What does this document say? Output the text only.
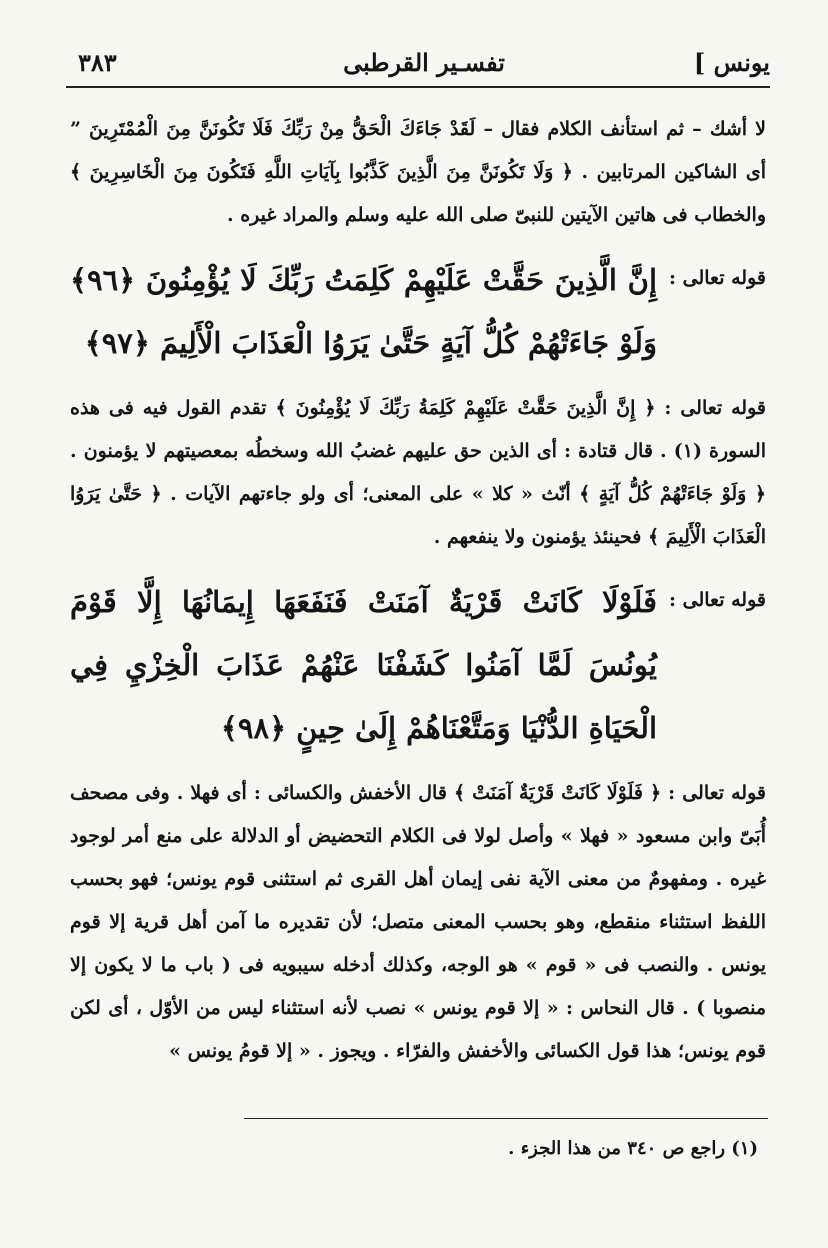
يونس ]
تفسـير القرطبى
٣٨٣

لا أشك – ثم استأنف الكلام فقال – لَقَدْ جَاءَكَ الْحَقُّ مِنْ رَبِّكَ فَلَا تَكُونَنَّ مِنَ الْمُمْتَرِينَ ” أى الشاكين المرتابين . ﴿ وَلَا تَكُونَنَّ مِنَ الَّذِينَ كَذَّبُوا بِآيَاتِ اللَّهِ فَتَكُونَ مِنَ الْخَاسِرِينَ ﴾ والخطاب فى هاتين الآيتين للنبىّ صلى الله عليه وسلم والمراد غيره .

قوله تعالى :
إِنَّ الَّذِينَ حَقَّتْ عَلَيْهِمْ كَلِمَتُ رَبِّكَ لَا يُؤْمِنُونَ ﴿٩٦﴾ وَلَوْ جَاءَتْهُمْ كُلُّ آيَةٍ حَتَّىٰ يَرَوُا الْعَذَابَ الْأَلِيمَ ﴿٩٧﴾

قوله تعالى : ﴿ إِنَّ الَّذِينَ حَقَّتْ عَلَيْهِمْ كَلِمَةُ رَبِّكَ لَا يُؤْمِنُونَ ﴾ تقدم القول فيه فى هذه السورة (١) . قال قتادة : أى الذين حق عليهم غضبُ الله وسخطُه بمعصيتهم لا يؤمنون . ﴿ وَلَوْ جَاءَتْهُمْ كُلُّ آيَةٍ ﴾ أنّث « كلا » على المعنى؛ أى ولو جاءتهم الآيات . ﴿ حَتَّىٰ يَرَوُا الْعَذَابَ الْأَلِيمَ ﴾ فحينئذ يؤمنون ولا ينفعهم .

قوله تعالى :
فَلَوْلَا كَانَتْ قَرْيَةٌ آمَنَتْ فَنَفَعَهَا إِيمَانُهَا إِلَّا قَوْمَ يُونُسَ لَمَّا آمَنُوا كَشَفْنَا عَنْهُمْ عَذَابَ الْخِزْيِ فِي الْحَيَاةِ الدُّنْيَا وَمَتَّعْنَاهُمْ إِلَىٰ حِينٍ ﴿٩٨﴾

قوله تعالى : ﴿ فَلَوْلَا كَانَتْ قَرْيَةٌ آمَنَتْ ﴾ قال الأخفش والكسائى : أى فهلا . وفى مصحف أُبَىّ وابن مسعود « فهلا » وأصل لولا فى الكلام التحضيض أو الدلالة على منع أمر لوجود غيره . ومفهومٌ من معنى الآية نفى إيمان أهل القرى ثم استثنى قوم يونس؛ فهو بحسب اللفظ استثناء منقطع، وهو بحسب المعنى متصل؛ لأن تقديره ما آمن أهل قرية إلا قوم يونس . والنصب فى « قوم » هو الوجه، وكذلك أدخله سيبويه فى ( باب ما لا يكون إلا منصوبا ) . قال النحاس : « إلا قوم يونس » نصب لأنه استثناء ليس من الأوّل ، أى لكن قوم يونس؛ هذا قول الكسائى والأخفش والفرّاء . ويجوز . « إلا قومُ يونس »

(١) راجع ص ٣٤٠ من هذا الجزء .
